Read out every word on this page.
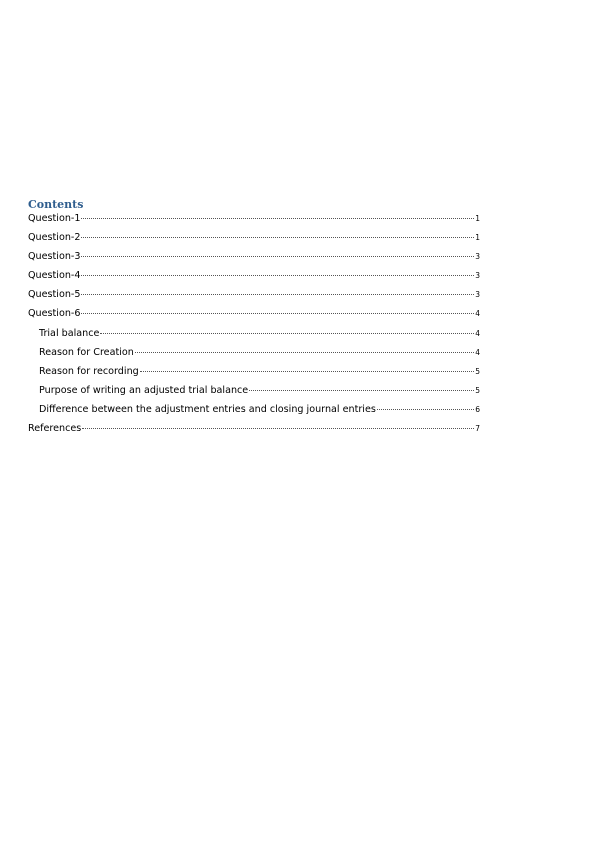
Contents
Question-1	1
Question-2	1
Question-3	3
Question-4	3
Question-5	3
Question-6	4
Trial balance	4
Reason for Creation	4
Reason for recording	5
Purpose of writing an adjusted trial balance	5
Difference between the adjustment entries and closing journal entries	6
References	7
